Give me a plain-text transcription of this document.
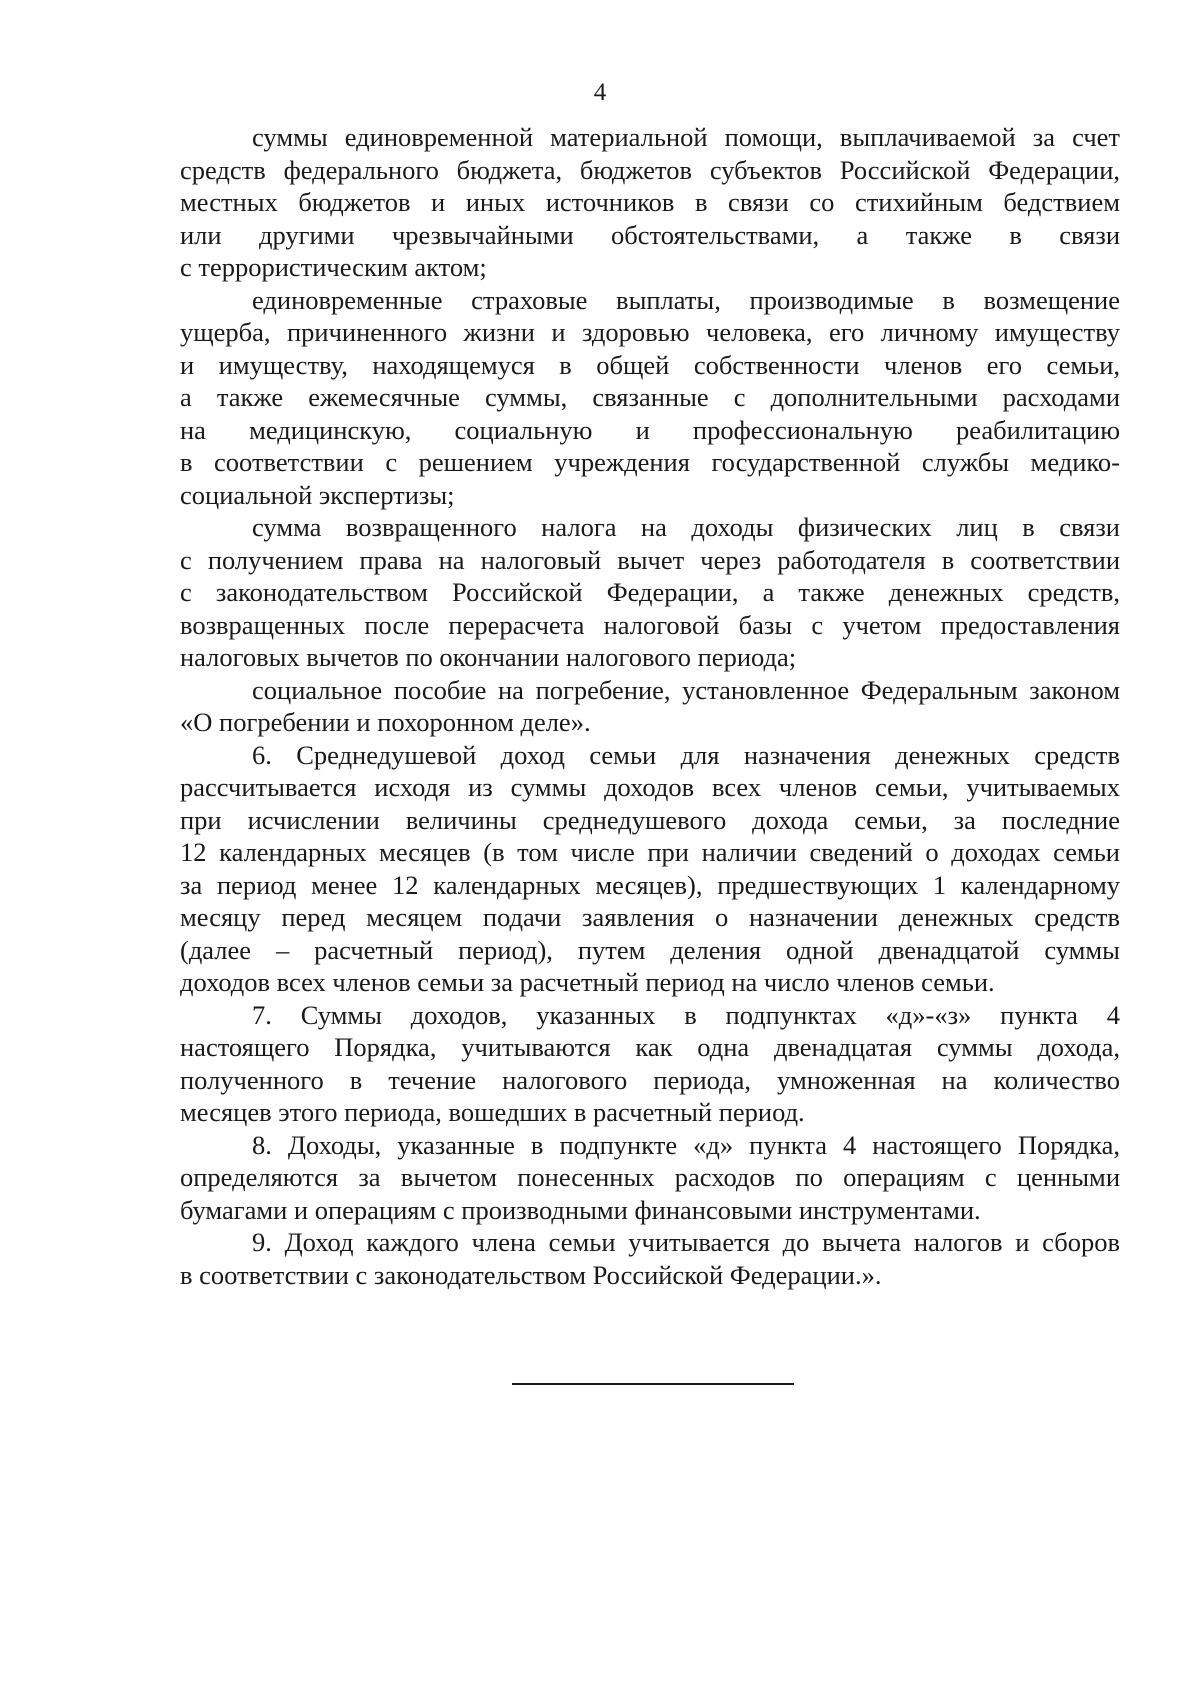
4

суммы единовременной материальной помощи, выплачиваемой за счет
средств федерального бюджета, бюджетов субъектов Российской Федерации,
местных бюджетов и иных источников в связи со стихийным бедствием
или другими чрезвычайными обстоятельствами, а также в связи
с террористическим актом;

единовременные страховые выплаты, производимые в возмещение
ущерба, причиненного жизни и здоровью человека, его личному имуществу
и имуществу, находящемуся в общей собственности членов его семьи,
а также ежемесячные суммы, связанные с дополнительными расходами
на медицинскую, социальную и профессиональную реабилитацию
в соответствии с решением учреждения государственной службы медико-
социальной экспертизы;

сумма возвращенного налога на доходы физических лиц в связи
с получением права на налоговый вычет через работодателя в соответствии
с законодательством Российской Федерации, а также денежных средств,
возвращенных после перерасчета налоговой базы с учетом предоставления
налоговых вычетов по окончании налогового периода;

социальное пособие на погребение, установленное Федеральным законом
«О погребении и похоронном деле».

6. Среднедушевой доход семьи для назначения денежных средств
рассчитывается исходя из суммы доходов всех членов семьи, учитываемых
при исчислении величины среднедушевого дохода семьи, за последние
12 календарных месяцев (в том числе при наличии сведений о доходах семьи
за период менее 12 календарных месяцев), предшествующих 1 календарному
месяцу перед месяцем подачи заявления о назначении денежных средств
(далее – расчетный период), путем деления одной двенадцатой суммы
доходов всех членов семьи за расчетный период на число членов семьи.

7. Суммы доходов, указанных в подпунктах «д»-«з» пункта 4
настоящего Порядка, учитываются как одна двенадцатая суммы дохода,
полученного в течение налогового периода, умноженная на количество
месяцев этого периода, вошедших в расчетный период.

8. Доходы, указанные в подпункте «д» пункта 4 настоящего Порядка,
определяются за вычетом понесенных расходов по операциям с ценными
бумагами и операциям с производными финансовыми инструментами.

9. Доход каждого члена семьи учитывается до вычета налогов и сборов
в соответствии с законодательством Российской Федерации.».
